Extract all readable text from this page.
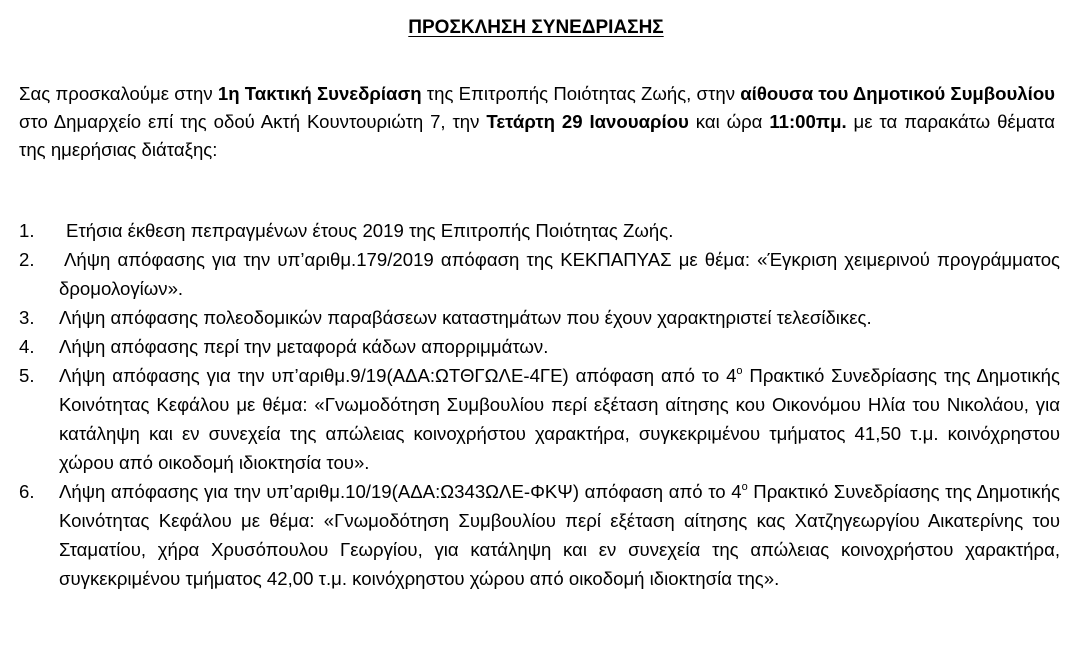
ΠΡΟΣΚΛΗΣΗ ΣΥΝΕΔΡΙΑΣΗΣ
Σας προσκαλούμε στην 1η Τακτική Συνεδρίαση της Επιτροπής Ποιότητας Ζωής, στην αίθουσα του Δημοτικού Συμβουλίου στο Δημαρχείο επί της οδού Ακτή Κουντουριώτη 7, την Τετάρτη 29 Ιανουαρίου και ώρα 11:00πμ. με τα παρακάτω θέματα της ημερήσιας διάταξης:
1.	Ετήσια έκθεση πεπραγμένων έτους 2019 της Επιτροπής Ποιότητας Ζωής.
2. Λήψη απόφασης για την υπ’αριθμ.179/2019 απόφαση της ΚΕΚΠΑΠΥΑΣ με θέμα: «Έγκριση χειμερινού προγράμματος δρομολογίων».
3. Λήψη απόφασης πολεοδομικών παραβάσεων καταστημάτων που έχουν χαρακτηριστεί τελεσίδικες.
4. Λήψη απόφασης περί την μεταφορά κάδων απορριμμάτων.
5. Λήψη απόφασης για την υπ’αριθμ.9/19(ΑΔΑ:ΩΤΘΓΩΛΕ-4ΓΕ) απόφαση από το $4^o$ Πρακτικό Συνεδρίασης της Δημοτικής Κοινότητας Κεφάλου με θέμα: «Γνωμοδότηση Συμβουλίου περί εξέταση αίτησης κου Οικονόμου Ηλία του Νικολάου, για κατάληψη και εν συνεχεία της απώλειας κοινοχρήστου χαρακτήρα, συγκεκριμένου τμήματος 41,50 τ.μ. κοινόχρηστου χώρου από οικοδομή ιδιοκτησία του».
6. Λήψη απόφασης για την υπ’αριθμ.10/19(ΑΔΑ:Ω343ΩΛΕ-ΦΚΨ) απόφαση από το $4^o$ Πρακτικό Συνεδρίασης της Δημοτικής Κοινότητας Κεφάλου με θέμα: «Γνωμοδότηση Συμβουλίου περί εξέταση αίτησης κας Χατζηγεωργίου Αικατερίνης του Σταματίου, χήρα Χρυσόπουλου Γεωργίου, για κατάληψη και εν συνεχεία της απώλειας κοινοχρήστου χαρακτήρα, συγκεκριμένου τμήματος 42,00 τ.μ. κοινόχρηστου χώρου από οικοδομή ιδιοκτησία της».
